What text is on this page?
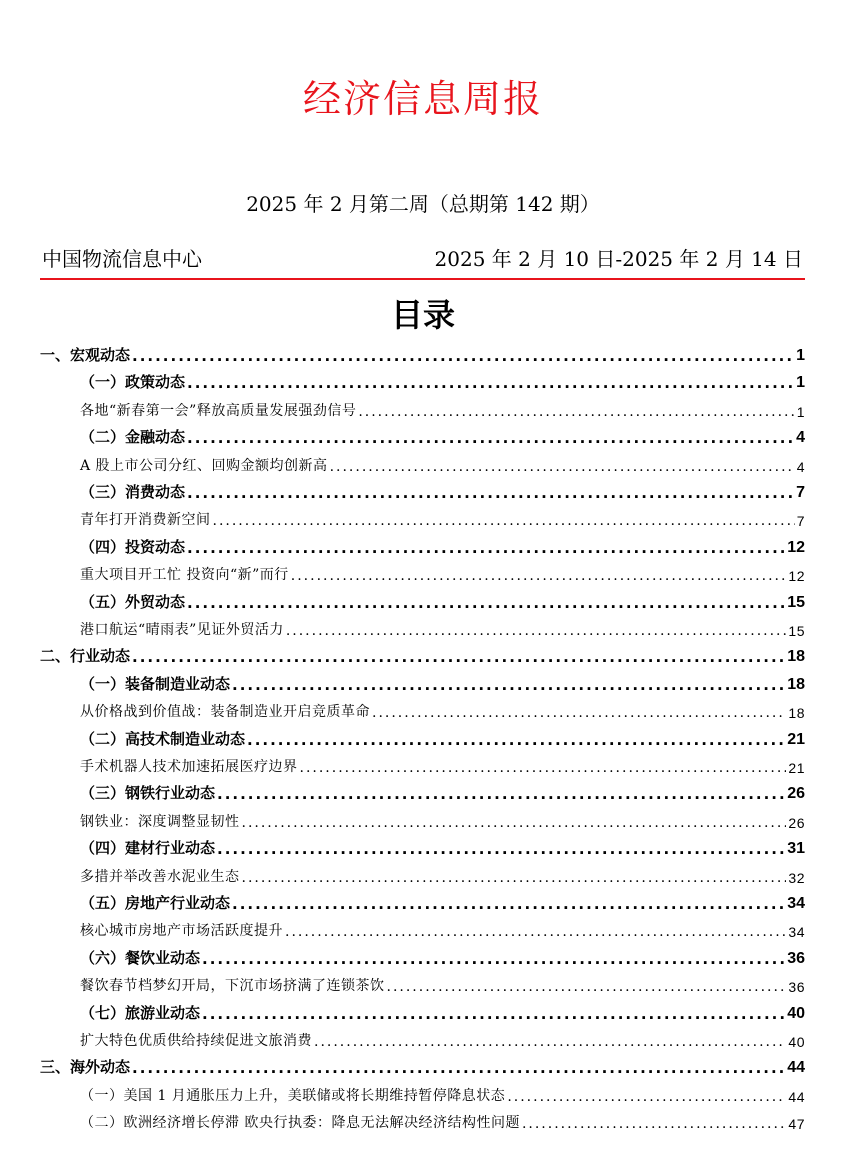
经济信息周报
2025 年 2 月第二周（总期第 142 期）
中国物流信息中心	2025 年 2 月 10 日-2025 年 2 月 14 日
目录
一、宏观动态 .....	1
（一）政策动态 .....	1
各地“新春第一会”释放高质量发展强劲信号 .....	1
（二）金融动态 .....	4
A 股上市公司分红、回购金额均创新高 .....	4
（三）消费动态 .....	7
青年打开消费新空间 .....	7
（四）投资动态 .....	12
重大项目开工忙 投资向“新”而行 .....	12
（五）外贸动态 .....	15
港口航运“晴雨表”见证外贸活力 .....	15
二、行业动态 .....	18
（一）装备制造业动态 .....	18
从价格战到价值战：装备制造业开启竞质革命 .....	18
（二）高技术制造业动态 .....	21
手术机器人技术加速拓展医疗边界 .....	21
（三）钢铁行业动态 .....	26
钢铁业：深度调整显韧性 .....	26
（四）建材行业动态 .....	31
多措并举改善水泥业生态 .....	32
（五）房地产行业动态 .....	34
核心城市房地产市场活跃度提升 .....	34
（六）餐饮业动态 .....	36
餐饮春节档梦幻开局，下沉市场挤满了连锁茶饮 .....	36
（七）旅游业动态 .....	40
扩大特色优质供给持续促进文旅消费 .....	40
三、海外动态 .....	44
（一）美国 1 月通胀压力上升，美联储或将长期维持暂停降息状态 .....	44
（二）欧洲经济增长停滞 欧央行执委：降息无法解决经济结构性问题 .....	47
